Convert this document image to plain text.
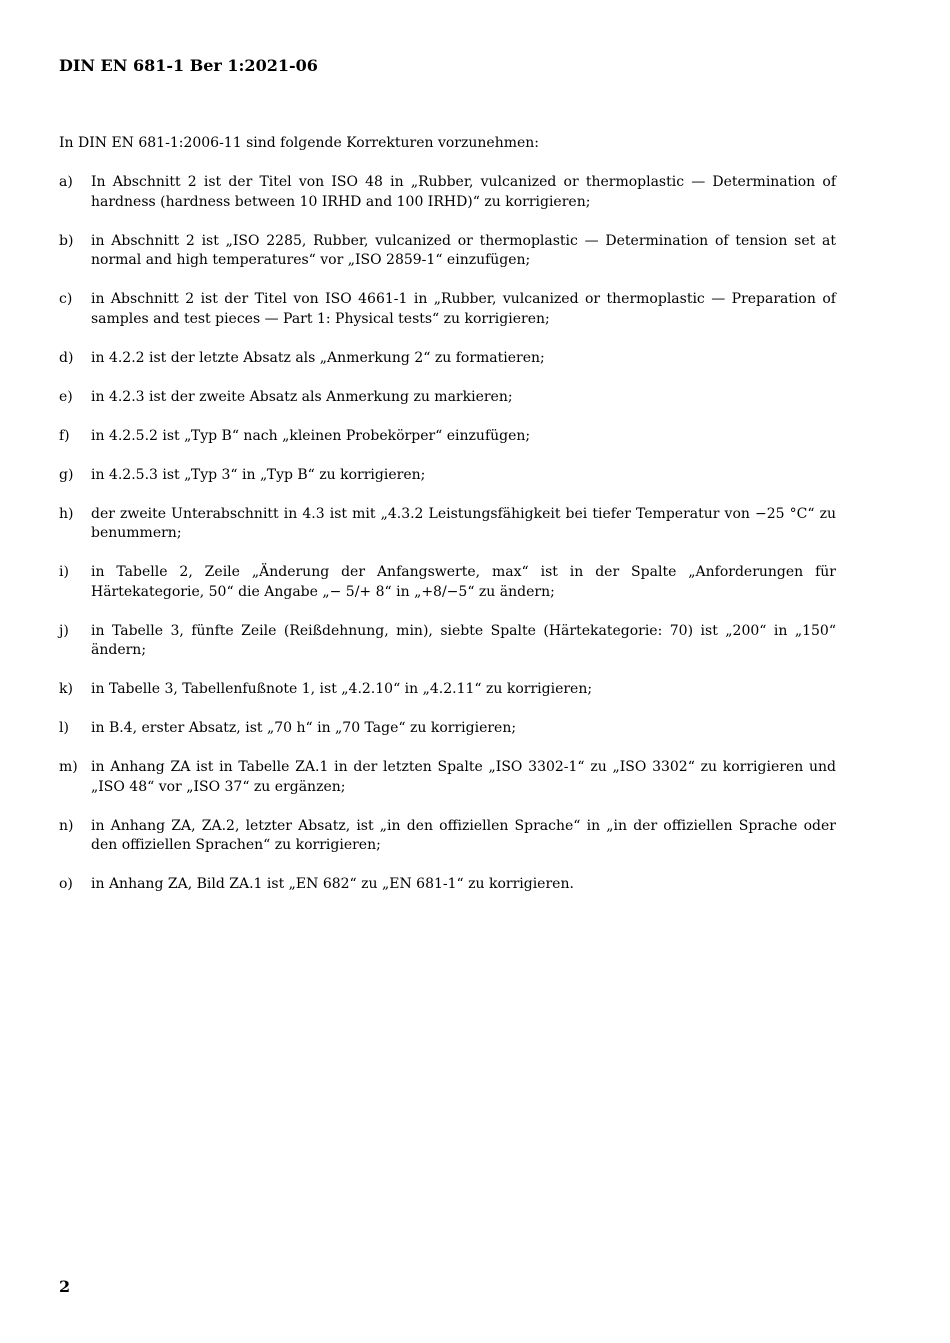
DIN EN 681-1 Ber 1:2021-06
In DIN EN 681-1:2006-11 sind folgende Korrekturen vorzunehmen:
a) In Abschnitt 2 ist der Titel von ISO 48 in „Rubber, vulcanized or thermoplastic — Determination of hardness (hardness between 10 IRHD and 100 IRHD)“ zu korrigieren;
b) in Abschnitt 2 ist „ISO 2285, Rubber, vulcanized or thermoplastic — Determination of tension set at normal and high temperatures“ vor „ISO 2859-1“ einzufügen;
c) in Abschnitt 2 ist der Titel von ISO 4661-1 in „Rubber, vulcanized or thermoplastic — Preparation of samples and test pieces — Part 1: Physical tests“ zu korrigieren;
d) in 4.2.2 ist der letzte Absatz als „Anmerkung 2“ zu formatieren;
e) in 4.2.3 ist der zweite Absatz als Anmerkung zu markieren;
f) in 4.2.5.2 ist „Typ B“ nach „kleinen Probekörper“ einzufügen;
g) in 4.2.5.3 ist „Typ 3“ in „Typ B“ zu korrigieren;
h) der zweite Unterabschnitt in 4.3 ist mit „4.3.2 Leistungsfähigkeit bei tiefer Temperatur von −25 °C“ zu benummern;
i) in Tabelle 2, Zeile „Änderung der Anfangswerte, max“ ist in der Spalte „Anforderungen für Härtekategorie, 50“ die Angabe „− 5/+ 8“ in „+8/−5“ zu ändern;
j) in Tabelle 3, fünfte Zeile (Reißdehnung, min), siebte Spalte (Härtekategorie: 70) ist „200“ in „150“ ändern;
k) in Tabelle 3, Tabellenfußnote 1, ist „4.2.10“ in „4.2.11“ zu korrigieren;
l) in B.4, erster Absatz, ist „70 h“ in „70 Tage“ zu korrigieren;
m) in Anhang ZA ist in Tabelle ZA.1 in der letzten Spalte „ISO 3302-1“ zu „ISO 3302“ zu korrigieren und „ISO 48“ vor „ISO 37“ zu ergänzen;
n) in Anhang ZA, ZA.2, letzter Absatz, ist „in den offiziellen Sprache“ in „in der offiziellen Sprache oder den offiziellen Sprachen“ zu korrigieren;
o) in Anhang ZA, Bild ZA.1 ist „EN 682“ zu „EN 681-1“ zu korrigieren.
2
